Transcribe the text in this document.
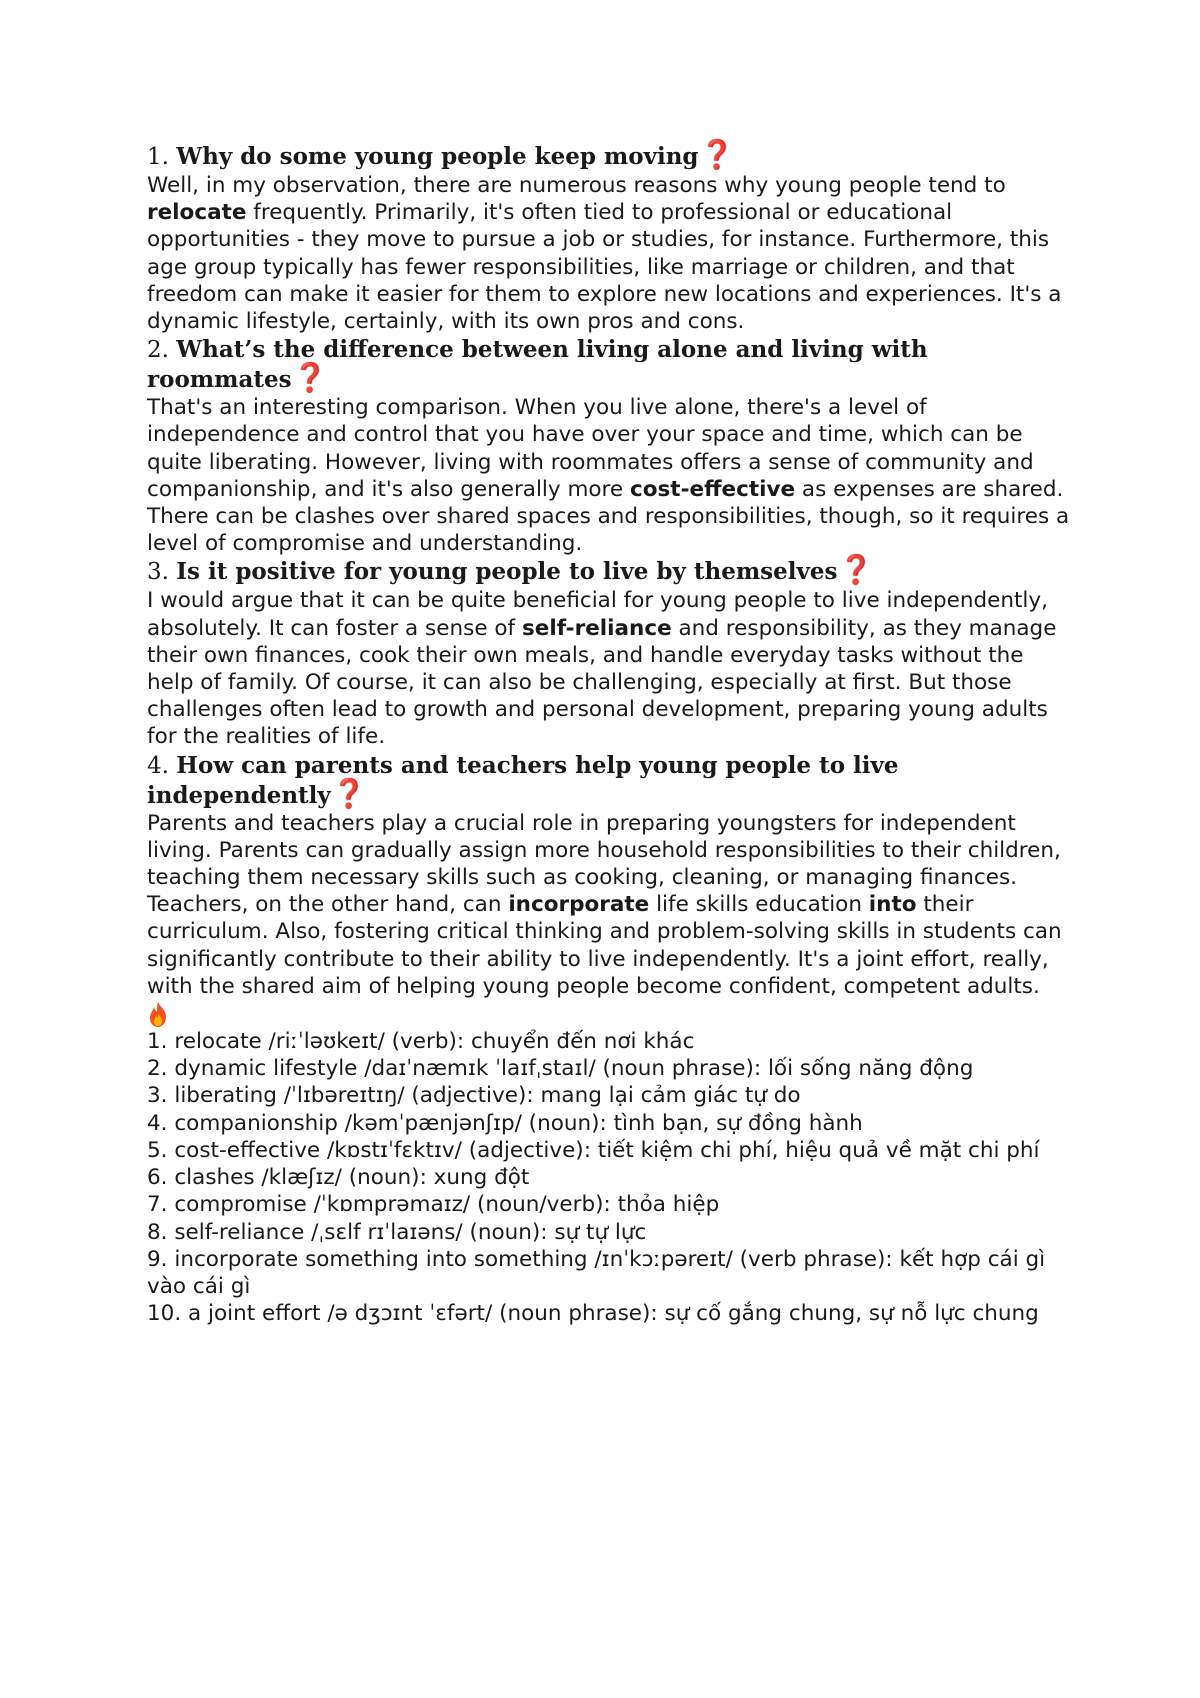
1. Why do some young people keep moving❓

Well, in my observation, there are numerous reasons why young people tend to relocate frequently. Primarily, it's often tied to professional or educational opportunities - they move to pursue a job or studies, for instance. Furthermore, this age group typically has fewer responsibilities, like marriage or children, and that freedom can make it easier for them to explore new locations and experiences. It's a dynamic lifestyle, certainly, with its own pros and cons.

2. What’s the difference between living alone and living with roommates❓

That's an interesting comparison. When you live alone, there's a level of independence and control that you have over your space and time, which can be quite liberating. However, living with roommates offers a sense of community and companionship, and it's also generally more cost-effective as expenses are shared. There can be clashes over shared spaces and responsibilities, though, so it requires a level of compromise and understanding.

3. Is it positive for young people to live by themselves❓

I would argue that it can be quite beneficial for young people to live independently, absolutely. It can foster a sense of self-reliance and responsibility, as they manage their own finances, cook their own meals, and handle everyday tasks without the help of family. Of course, it can also be challenging, especially at first. But those challenges often lead to growth and personal development, preparing young adults for the realities of life.

4. How can parents and teachers help young people to live independently❓

Parents and teachers play a crucial role in preparing youngsters for independent living. Parents can gradually assign more household responsibilities to their children, teaching them necessary skills such as cooking, cleaning, or managing finances. Teachers, on the other hand, can incorporate life skills education into their curriculum. Also, fostering critical thinking and problem-solving skills in students can significantly contribute to their ability to live independently. It's a joint effort, really, with the shared aim of helping young people become confident, competent adults.

1. relocate /riːˈləʊkeɪt/ (verb): chuyển đến nơi khác
2. dynamic lifestyle /daɪˈnæmɪk ˈlaɪfˌstaɪl/ (noun phrase): lối sống năng động
3. liberating /ˈlɪbəreɪtɪŋ/ (adjective): mang lại cảm giác tự do
4. companionship /kəmˈpænjənʃɪp/ (noun): tình bạn, sự đồng hành
5. cost-effective /kɒstɪˈfɛktɪv/ (adjective): tiết kiệm chi phí, hiệu quả về mặt chi phí
6. clashes /klæʃɪz/ (noun): xung đột
7. compromise /ˈkɒmprəmaɪz/ (noun/verb): thỏa hiệp
8. self-reliance /ˌsɛlf rɪˈlaɪəns/ (noun): sự tự lực
9. incorporate something into something /ɪnˈkɔːpəreɪt/ (verb phrase): kết hợp cái gì vào cái gì
10. a joint effort /ə dʒɔɪnt ˈɛfərt/ (noun phrase): sự cố gắng chung, sự nỗ lực chung
